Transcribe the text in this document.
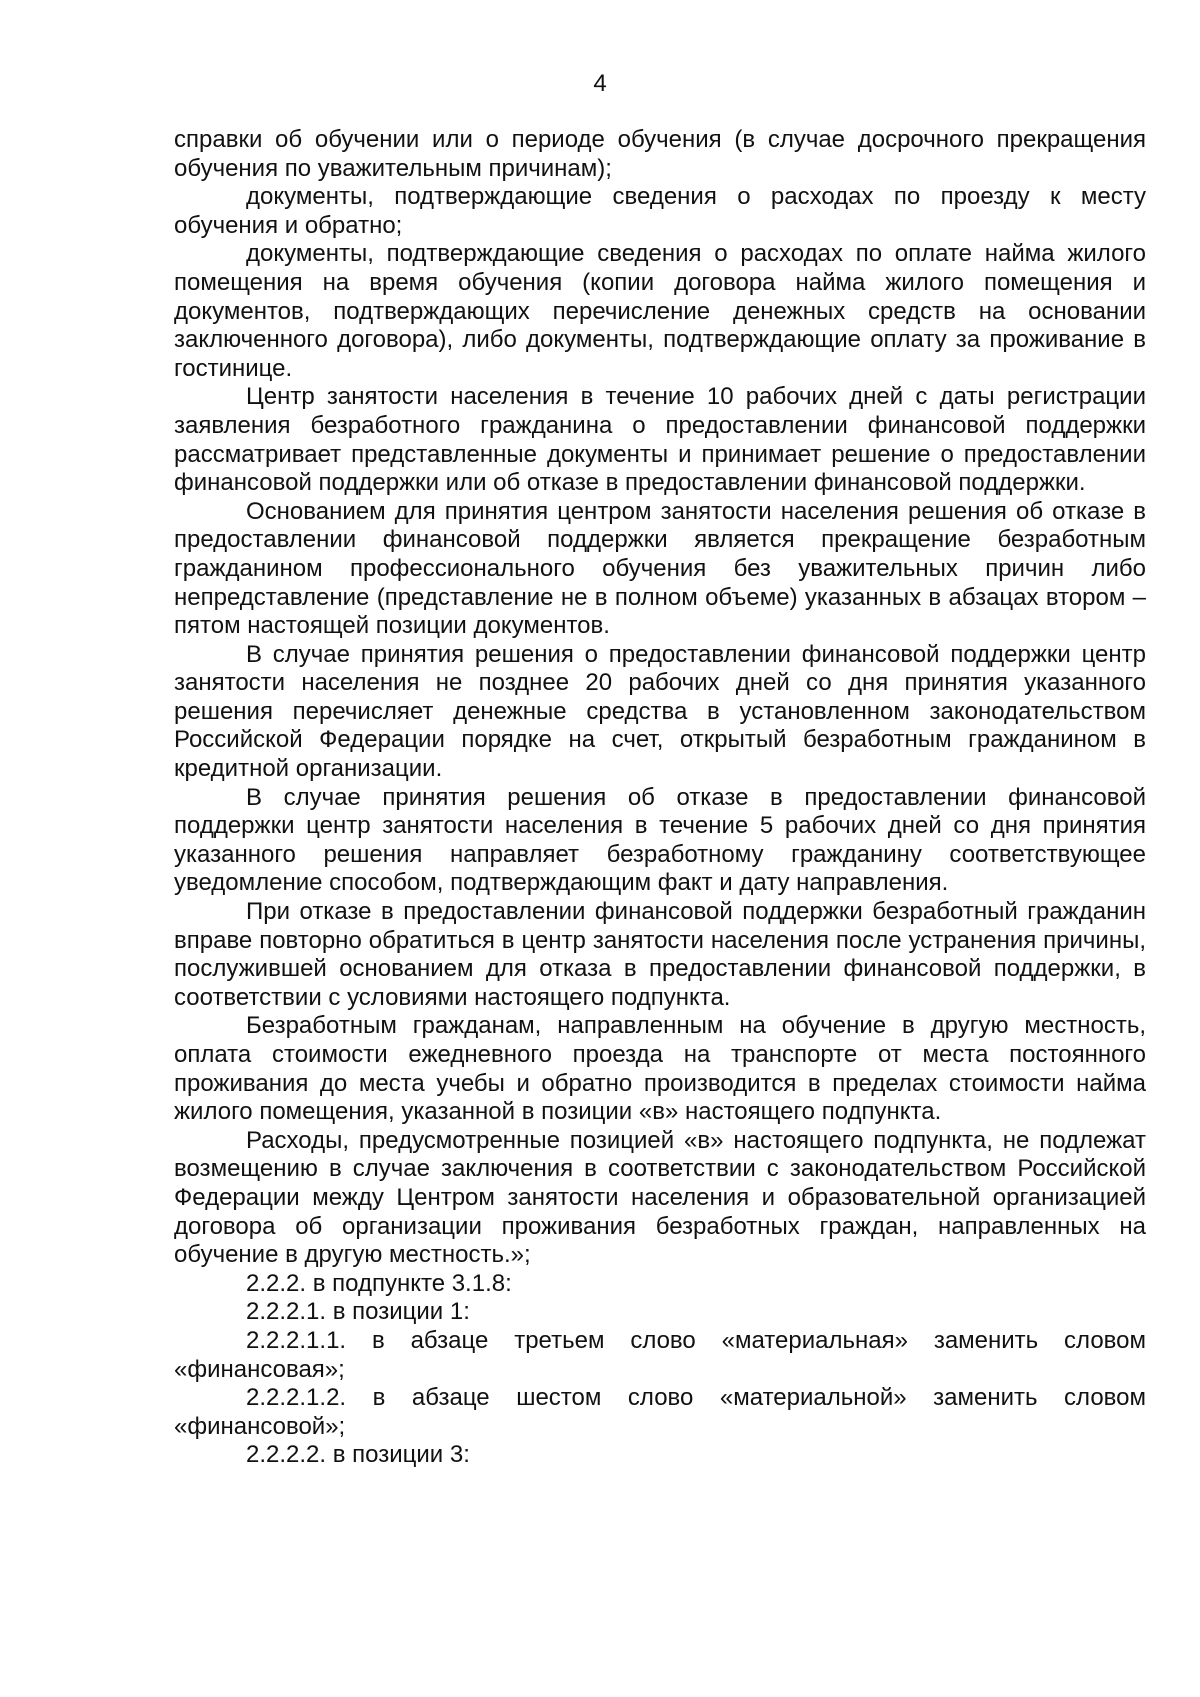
4

справки об обучении или о периоде обучения (в случае досрочного прекращения обучения по уважительным причинам);

документы, подтверждающие сведения о расходах по проезду к месту обучения и обратно;

документы, подтверждающие сведения о расходах по оплате найма жилого помещения на время обучения (копии договора найма жилого помещения и документов, подтверждающих перечисление денежных средств на основании заключенного договора), либо документы, подтверждающие оплату за проживание в гостинице.

Центр занятости населения в течение 10 рабочих дней с даты регистрации заявления безработного гражданина о предоставлении финансовой поддержки рассматривает представленные документы и принимает решение о предоставлении финансовой поддержки или об отказе в предоставлении финансовой поддержки.

Основанием для принятия центром занятости населения решения об отказе в предоставлении финансовой поддержки является прекращение безработным гражданином профессионального обучения без уважительных причин либо непредставление (представление не в полном объеме) указанных в абзацах втором – пятом настоящей позиции документов.

В случае принятия решения о предоставлении финансовой поддержки центр занятости населения не позднее 20 рабочих дней со дня принятия указанного решения перечисляет денежные средства в установленном законодательством Российской Федерации порядке на счет, открытый безработным гражданином в кредитной организации.

В случае принятия решения об отказе в предоставлении финансовой поддержки центр занятости населения в течение 5 рабочих дней со дня принятия указанного решения направляет безработному гражданину соответствующее уведомление способом, подтверждающим факт и дату направления.

При отказе в предоставлении финансовой поддержки безработный гражданин вправе повторно обратиться в центр занятости населения после устранения причины, послужившей основанием для отказа в предоставлении финансовой поддержки, в соответствии с условиями настоящего подпункта.

Безработным гражданам, направленным на обучение в другую местность, оплата стоимости ежедневного проезда на транспорте от места постоянного проживания до места учебы и обратно производится в пределах стоимости найма жилого помещения, указанной в позиции «в» настоящего подпункта.

Расходы, предусмотренные позицией «в» настоящего подпункта, не подлежат возмещению в случае заключения в соответствии с законодательством Российской Федерации между Центром занятости населения и образовательной организацией договора об организации проживания безработных граждан, направленных на обучение в другую местность.»;

2.2.2. в подпункте 3.1.8:

2.2.2.1. в позиции 1:

2.2.2.1.1. в абзаце третьем слово «материальная» заменить словом «финансовая»;

2.2.2.1.2. в абзаце шестом слово «материальной» заменить словом «финансовой»;

2.2.2.2. в позиции 3:
